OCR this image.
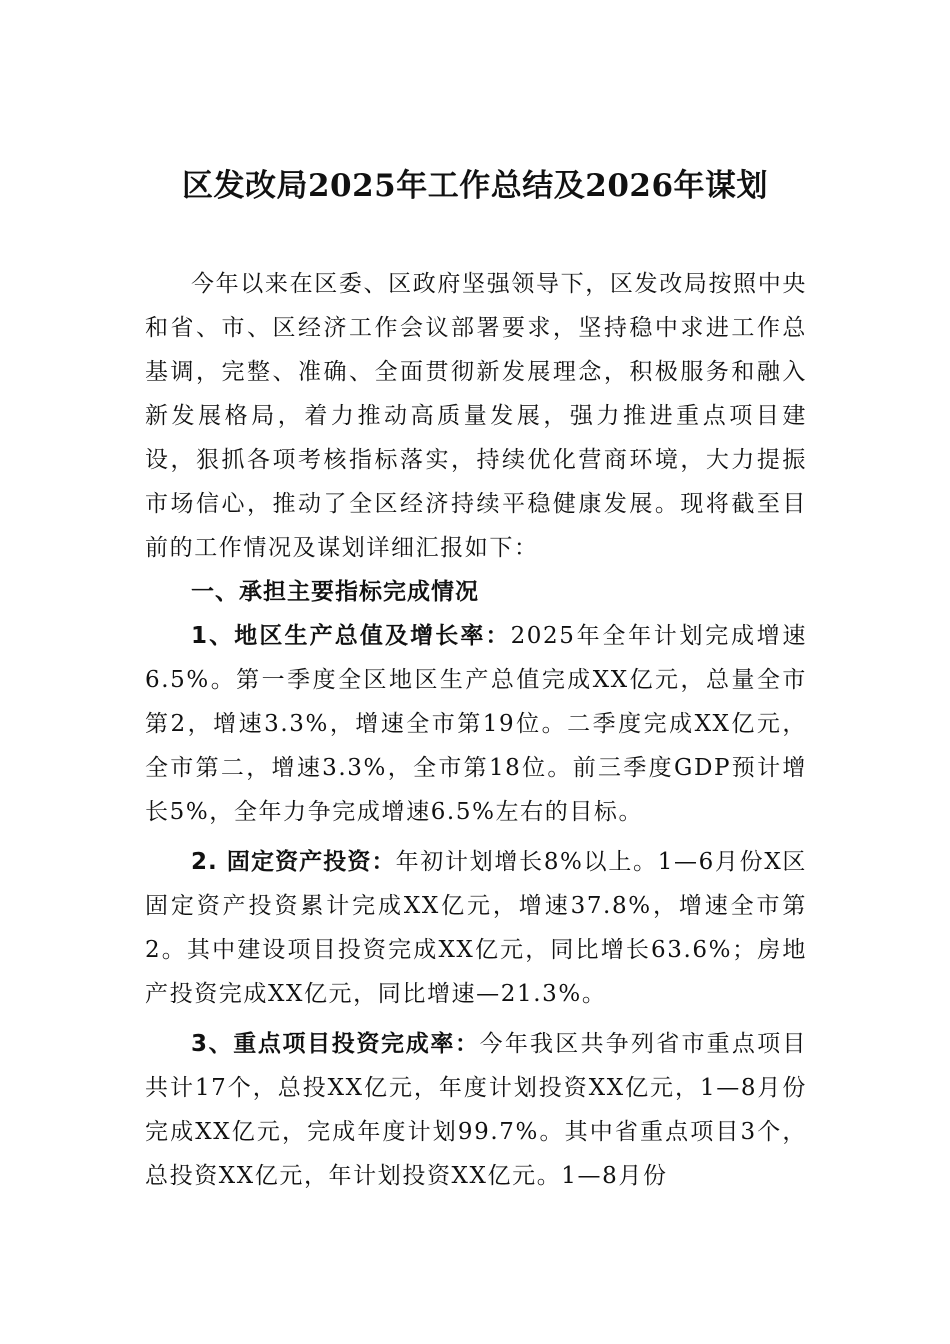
区发改局2025年工作总结及2026年谋划

今年以来在区委、区政府坚强领导下，区发改局按照中央和省、市、区经济工作会议部署要求，坚持稳中求进工作总基调，完整、准确、全面贯彻新发展理念，积极服务和融入新发展格局，着力推动高质量发展，强力推进重点项目建设，狠抓各项考核指标落实，持续优化营商环境，大力提振市场信心，推动了全区经济持续平稳健康发展。现将截至目前的工作情况及谋划详细汇报如下：

一、承担主要指标完成情况

1、地区生产总值及增长率：2025年全年计划完成增速6.5%。第一季度全区地区生产总值完成XX亿元，总量全市第2，增速3.3%，增速全市第19位。二季度完成XX亿元，全市第二，增速3.3%，全市第18位。前三季度GDP预计增长5%，全年力争完成增速6.5%左右的目标。

2. 固定资产投资：年初计划增长8%以上。1—6月份X区固定资产投资累计完成XX亿元，增速37.8%，增速全市第2。其中建设项目投资完成XX亿元，同比增长63.6%；房地产投资完成XX亿元，同比增速—21.3%。

3、重点项目投资完成率：今年我区共争列省市重点项目共计17个，总投XX亿元，年度计划投资XX亿元，1—8月份完成XX亿元，完成年度计划99.7%。其中省重点项目3个，总投资XX亿元，年计划投资XX亿元。1—8月份
